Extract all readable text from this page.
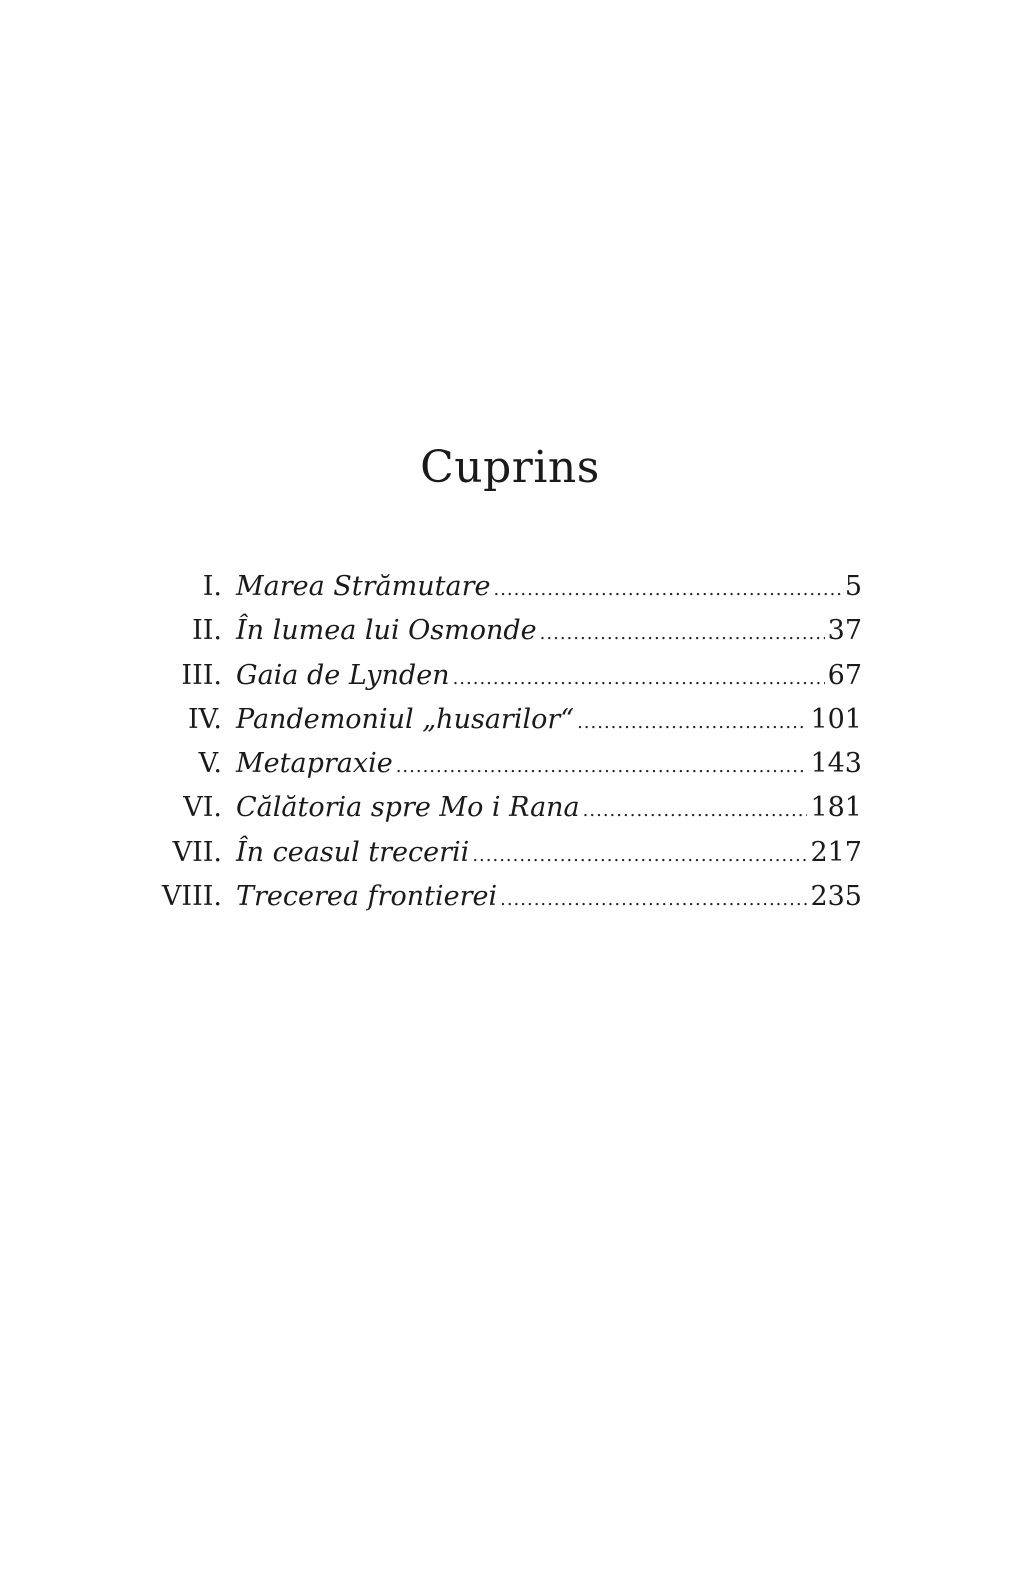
Cuprins
I. Marea Strămutare .....	5
II. În lumea lui Osmonde .....	37
III. Gaia de Lynden .....	67
IV. Pandemoniul „husarilor“ .....	101
V. Metapraxie .....	143
VI. Călătoria spre Mo i Rana .....	181
VII. În ceasul trecerii .....	217
VIII. Trecerea frontierei .....	235
